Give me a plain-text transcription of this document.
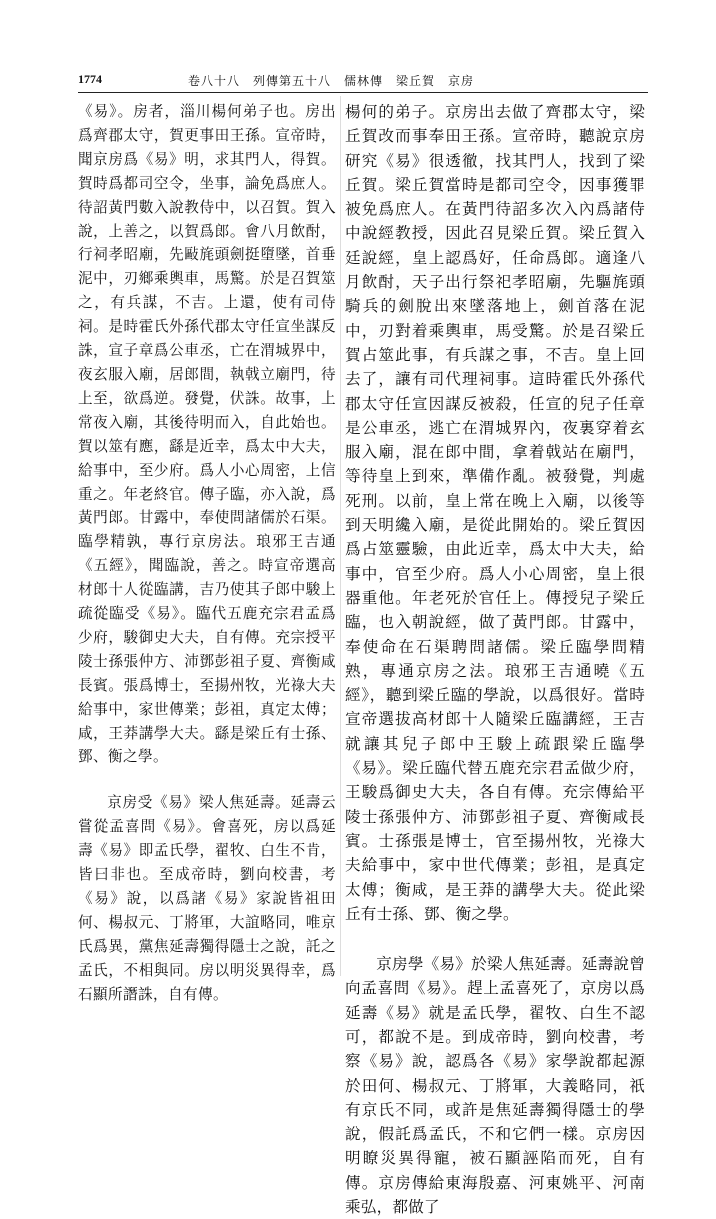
1774	卷八十八　列傳第五十八　儒林傳　梁丘賀　京房

《易》。房者，淄川楊何弟子也。房出爲齊郡太守，賀更事田王孫。宣帝時，聞京房爲《易》明，求其門人，得賀。賀時爲都司空令，坐事，論免爲庶人。待詔黃門數入說教侍中，以召賀。賀入說，上善之，以賀爲郎。會八月飲酎，行祠孝昭廟，先敺旄頭劍挺墮墜，首垂泥中，刃鄉乘輿車，馬驚。於是召賀筮之，有兵謀，不吉。上還，使有司侍祠。是時霍氏外孫代郡太守任宣坐謀反誅，宣子章爲公車丞，亡在渭城界中，夜玄服入廟，居郎間，執戟立廟門，待上至，欲爲逆。發覺，伏誅。故事，上常夜入廟，其後待明而入，自此始也。賀以筮有應，繇是近幸，爲太中大夫，給事中，至少府。爲人小心周密，上信重之。年老終官。傳子臨，亦入說，爲黃門郎。甘露中，奉使問諸儒於石渠。臨學精孰，專行京房法。琅邪王吉通《五經》，聞臨說，善之。時宣帝選高材郎十人從臨講，吉乃使其子郎中駿上疏從臨受《易》。臨代五鹿充宗君孟爲少府，駿御史大夫，自有傳。充宗授平陵士孫張仲方、沛鄧彭祖子夏、齊衡咸長賓。張爲博士，至揚州牧，光祿大夫給事中，家世傳業；彭祖，真定太傅；咸，王莽講學大夫。繇是梁丘有士孫、鄧、衡之學。

京房受《易》梁人焦延壽。延壽云嘗從孟喜問《易》。會喜死，房以爲延壽《易》即孟氏學，翟牧、白生不肯，皆曰非也。至成帝時，劉向校書，考《易》說，以爲諸《易》家說皆祖田何、楊叔元、丁將軍，大誼略同，唯京氏爲異，黨焦延壽獨得隱士之說，託之孟氏，不相與同。房以明災異得幸，爲石顯所譖誅，自有傳。

楊何的弟子。京房出去做了齊郡太守，梁丘賀改而事奉田王孫。宣帝時，聽說京房研究《易》很透徹，找其門人，找到了梁丘賀。梁丘賀當時是都司空令，因事獲罪被免爲庶人。在黃門待詔多次入內爲諸侍中說經教授，因此召見梁丘賀。梁丘賀入廷說經，皇上認爲好，任命爲郎。適逢八月飲酎，天子出行祭祀孝昭廟，先驅旄頭騎兵的劍脫出來墜落地上，劍首落在泥中，刃對着乘輿車，馬受驚。於是召梁丘賀占筮此事，有兵謀之事，不吉。皇上回去了，讓有司代理祠事。這時霍氏外孫代郡太守任宣因謀反被殺，任宣的兒子任章是公車丞，逃亡在渭城界內，夜裏穿着玄服入廟，混在郎中間，拿着戟站在廟門，等待皇上到來，準備作亂。被發覺，判處死刑。以前，皇上常在晚上入廟，以後等到天明纔入廟，是從此開始的。梁丘賀因爲占筮靈驗，由此近幸，爲太中大夫，給事中，官至少府。爲人小心周密，皇上很器重他。年老死於官任上。傳授兒子梁丘臨，也入朝說經，做了黃門郎。甘露中，奉使命在石渠聘問諸儒。梁丘臨學問精熟，專通京房之法。琅邪王吉通曉《五經》，聽到梁丘臨的學說，以爲很好。當時宣帝選拔高材郎十人隨梁丘臨講經，王吉就讓其兒子郎中王駿上疏跟梁丘臨學《易》。梁丘臨代替五鹿充宗君孟做少府，王駿爲御史大夫，各自有傳。充宗傳給平陵士孫張仲方、沛鄧彭祖子夏、齊衡咸長賓。士孫張是博士，官至揚州牧，光祿大夫給事中，家中世代傳業；彭祖，是真定太傅；衡咸，是王莽的講學大夫。從此梁丘有士孫、鄧、衡之學。

京房學《易》於梁人焦延壽。延壽說曾向孟喜問《易》。趕上孟喜死了，京房以爲延壽《易》就是孟氏學，翟牧、白生不認可，都說不是。到成帝時，劉向校書，考察《易》說，認爲各《易》家學說都起源於田何、楊叔元、丁將軍，大義略同，祇有京氏不同，或許是焦延壽獨得隱士的學說，假託爲孟氏，不和它們一樣。京房因明瞭災異得寵，被石顯誣陷而死，自有傳。京房傳給東海殷嘉、河東姚平、河南乘弘，都做了
